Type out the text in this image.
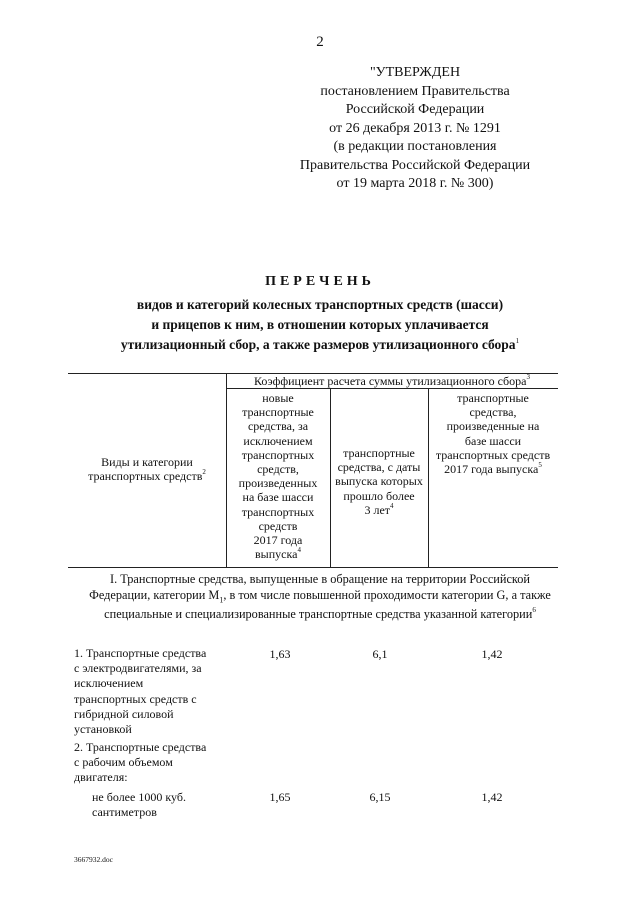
2
"УТВЕРЖДЕН
постановлением Правительства
Российской Федерации
от 26 декабря 2013 г. № 1291
(в редакции постановления
Правительства Российской Федерации
от 19 марта 2018 г. № 300)
ПЕРЕЧЕНЬ
видов и категорий колесных транспортных средств (шасси)
и прицепов к ним, в отношении которых уплачивается
утилизационный сбор, а также размеров утилизационного сбора$^1$
Виды и категории
транспортных средств$^2$
Коэффициент расчета суммы утилизационного сбора$^3$
новые
транспортные
средства, за
исключением
транспортных
средств,
произведенных
на базе шасси
транспортных
средств
2017 года
выпуска$^4$
транспортные
средства, с даты
выпуска которых
прошло более
3 лет$^4$
транспортные
средства,
произведенные на
базе шасси
транспортных средств
2017 года выпуска$^5$
I. Транспортные средства, выпущенные в обращение на территории Российской
Федерации, категории $M_1$, в том числе повышенной проходимости категории G, а также
специальные и специализированные транспортные средства указанной категории$^6$
1. Транспортные средства
с электродвигателями, за
исключением
транспортных средств с
гибридной силовой
установкой
1,63	6,1	1,42
2. Транспортные средства
с рабочим объемом
двигателя:
не более 1000 куб.
сантиметров
1,65	6,15	1,42
3667932.doc
